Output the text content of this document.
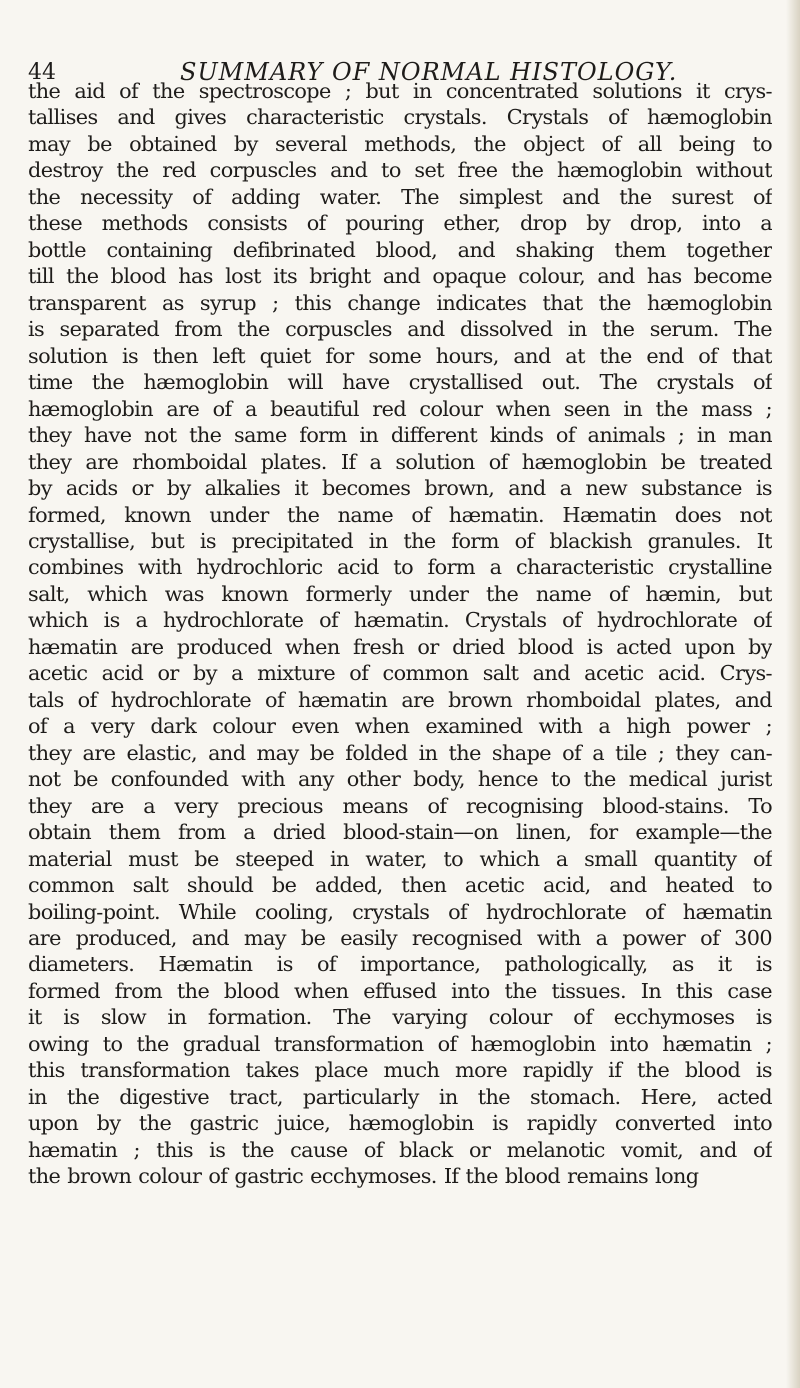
44	SUMMARY OF NORMAL HISTOLOGY.
the aid of the spectroscope ; but in concentrated solutions it crys-
tallises and gives characteristic crystals. Crystals of hæmoglobin
may be obtained by several methods, the object of all being to
destroy the red corpuscles and to set free the hæmoglobin without
the necessity of adding water. The simplest and the surest of
these methods consists of pouring ether, drop by drop, into a
bottle containing defibrinated blood, and shaking them together
till the blood has lost its bright and opaque colour, and has become
transparent as syrup ; this change indicates that the hæmoglobin
is separated from the corpuscles and dissolved in the serum. The
solution is then left quiet for some hours, and at the end of that
time the hæmoglobin will have crystallised out. The crystals of
hæmoglobin are of a beautiful red colour when seen in the mass ;
they have not the same form in different kinds of animals ; in man
they are rhomboidal plates. If a solution of hæmoglobin be treated
by acids or by alkalies it becomes brown, and a new substance is
formed, known under the name of hæmatin. Hæmatin does not
crystallise, but is precipitated in the form of blackish granules. It
combines with hydrochloric acid to form a characteristic crystalline
salt, which was known formerly under the name of hæmin, but
which is a hydrochlorate of hæmatin. Crystals of hydrochlorate of
hæmatin are produced when fresh or dried blood is acted upon by
acetic acid or by a mixture of common salt and acetic acid. Crys-
tals of hydrochlorate of hæmatin are brown rhomboidal plates, and
of a very dark colour even when examined with a high power ;
they are elastic, and may be folded in the shape of a tile ; they can-
not be confounded with any other body, hence to the medical jurist
they are a very precious means of recognising blood-stains. To
obtain them from a dried blood-stain—on linen, for example—the
material must be steeped in water, to which a small quantity of
common salt should be added, then acetic acid, and heated to
boiling-point. While cooling, crystals of hydrochlorate of hæmatin
are produced, and may be easily recognised with a power of 300
diameters. Hæmatin is of importance, pathologically, as it is
formed from the blood when effused into the tissues. In this case
it is slow in formation. The varying colour of ecchymoses is
owing to the gradual transformation of hæmoglobin into hæmatin ;
this transformation takes place much more rapidly if the blood is
in the digestive tract, particularly in the stomach. Here, acted
upon by the gastric juice, hæmoglobin is rapidly converted into
hæmatin ; this is the cause of black or melanotic vomit, and of
the brown colour of gastric ecchymoses. If the blood remains long
